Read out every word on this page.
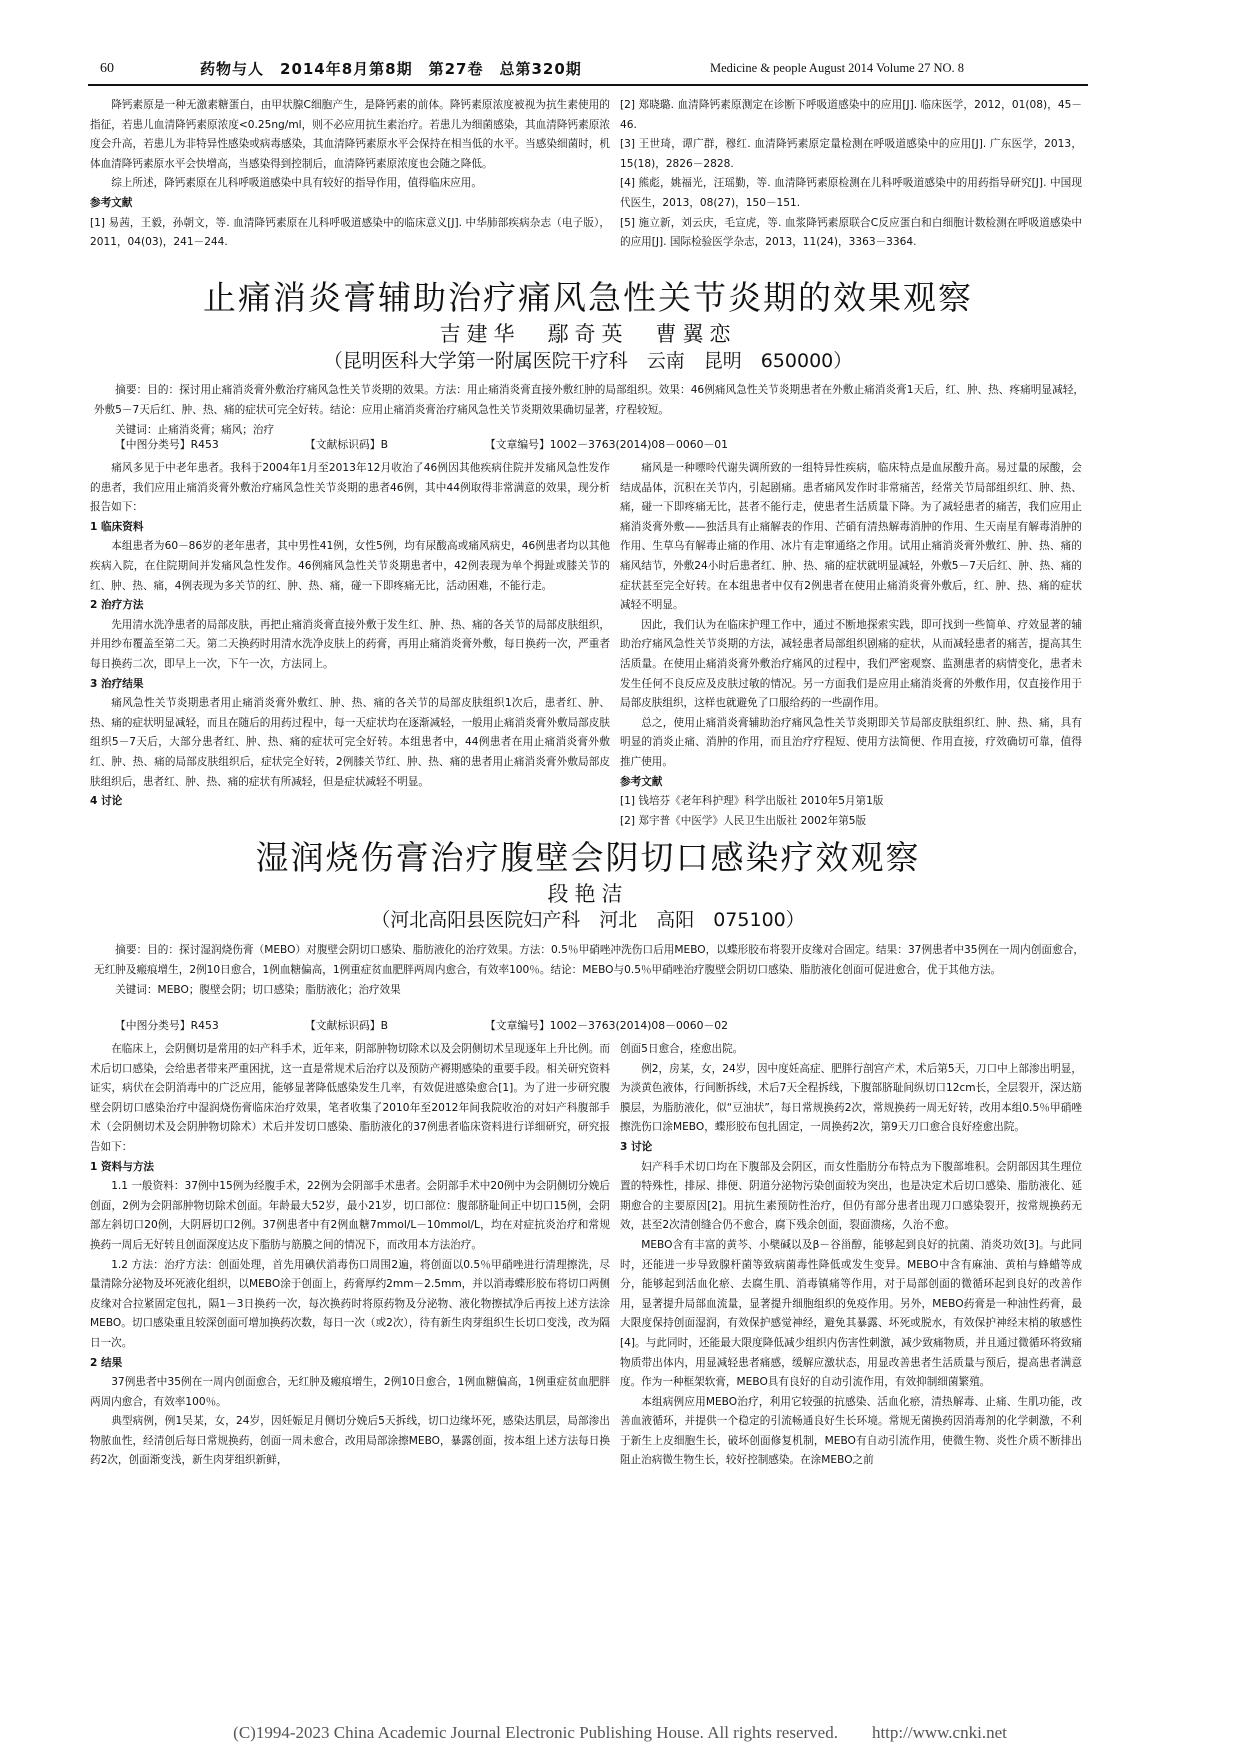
60	药物与人　2014年8月第8期　第27卷　总第320期	Medicine & people August 2014 Volume 27 NO. 8

降钙素原是一种无激素糖蛋白，由甲状腺C细胞产生，是降钙素的前体。降钙素原浓度被视为抗生素使用的指征，若患儿血清降钙素原浓度<0.25ng/ml，则不必应用抗生素治疗。若患儿为细菌感染，其血清降钙素原浓度会升高，若患儿为非特异性感染或病毒感染，其血清降钙素原水平会保持在相当低的水平。当感染细菌时，机体血清降钙素原水平会快增高，当感染得到控制后，血清降钙素原浓度也会随之降低。

综上所述，降钙素原在儿科呼吸道感染中具有较好的指导作用，值得临床应用。

参考文献

[1] 易茜，王毅，孙朝文，等. 血清降钙素原在儿科呼吸道感染中的临床意义[J]. 中华肺部疾病杂志（电子版），2011，04(03)，241－244.

[2] 郑晓璐. 血清降钙素原测定在诊断下呼吸道感染中的应用[J]. 临床医学，2012，01(08)，45－46.

[3] 王世琦，谭广群，穆红. 血清降钙素原定量检测在呼吸道感染中的应用[J]. 广东医学，2013，15(18)，2826－2828.

[4] 熊彪，姚福光，汪瑶勤，等. 血清降钙素原检测在儿科呼吸道感染中的用药指导研究[J]. 中国现代医生，2013，08(27)，150－151.

[5] 施立新，刘云庆，毛宣虎，等. 血浆降钙素原联合C反应蛋白和白细胞计数检测在呼吸道感染中的应用[J]. 国际检验医学杂志，2013，11(24)，3363－3364.

止痛消炎膏辅助治疗痛风急性关节炎期的效果观察
吉建华　鄢奇英　曹翼恋
（昆明医科大学第一附属医院干疗科　云南　昆明　650000）

摘要：目的：探讨用止痛消炎膏外敷治疗痛风急性关节炎期的效果。方法：用止痛消炎膏直接外敷红肿的局部组织。效果：46例痛风急性关节炎期患者在外敷止痛消炎膏1天后，红、肿、热、疼痛明显减轻，外敷5－7天后红、肿、热、痛的症状可完全好转。结论：应用止痛消炎膏治疗痛风急性关节炎期效果确切显著，疗程较短。

关键词：止痛消炎膏；痛风；治疗

【中图分类号】R453	【文献标识码】B	【文章编号】1002－3763(2014)08－0060－01

痛风多见于中老年患者。我科于2004年1月至2013年12月收治了46例因其他疾病住院并发痛风急性发作的患者，我们应用止痛消炎膏外敷治疗痛风急性关节炎期的患者46例，其中44例取得非常满意的效果，现分析报告如下：

1 临床资料

本组患者为60－86岁的老年患者，其中男性41例，女性5例，均有尿酸高或痛风病史，46例患者均以其他疾病入院，在住院期间并发痛风急性发作。46例痛风急性关节炎期患者中，42例表现为单个拇趾或膝关节的红、肿、热、痛，4例表现为多关节的红、肿、热、痛，碰一下即疼痛无比，活动困难，不能行走。

2 治疗方法

先用清水洗净患者的局部皮肤，再把止痛消炎膏直接外敷于发生红、肿、热、痛的各关节的局部皮肤组织，并用纱布覆盖至第二天。第二天换药时用清水洗净皮肤上的药膏，再用止痛消炎膏外敷，每日换药一次，严重者每日换药二次，即早上一次，下午一次，方法同上。

3 治疗结果

痛风急性关节炎期患者用止痛消炎膏外敷红、肿、热、痛的各关节的局部皮肤组织1次后，患者红、肿、热、痛的症状明显减轻，而且在随后的用药过程中，每一天症状均在逐渐减轻，一般用止痛消炎膏外敷局部皮肤组织5－7天后，大部分患者红、肿、热、痛的症状可完全好转。本组患者中，44例患者在用止痛消炎膏外敷红、肿、热、痛的局部皮肤组织后，症状完全好转，2例膝关节红、肿、热、痛的患者用止痛消炎膏外敷局部皮肤组织后，患者红、肿、热、痛的症状有所减轻，但是症状减轻不明显。

4 讨论

痛风是一种嘌呤代谢失调所致的一组特异性疾病，临床特点是血尿酸升高。易过量的尿酸，会结成晶体，沉积在关节内，引起剧痛。患者痛风发作时非常痛苦，经常关节局部组织红、肿、热、痛，碰一下即疼痛无比，甚者不能行走，使患者生活质量下降。为了减轻患者的痛苦，我们应用止痛消炎膏外敷——独活具有止痛解表的作用、芒硝有清热解毒消肿的作用、生天南星有解毒消肿的作用、生草乌有解毒止痛的作用、冰片有走窜通络之作用。试用止痛消炎膏外敷红、肿、热、痛的痛风结节，外敷24小时后患者红、肿、热、痛的症状就明显减轻，外敷5－7天后红、肿、热、痛的症状甚至完全好转。在本组患者中仅有2例患者在使用止痛消炎膏外敷后，红、肿、热、痛的症状减轻不明显。

因此，我们认为在临床护理工作中，通过不断地探索实践，即可找到一些简单、疗效显著的辅助治疗痛风急性关节炎期的方法，减轻患者局部组织剧痛的症状，从而减轻患者的痛苦，提高其生活质量。在使用止痛消炎膏外敷治疗痛风的过程中，我们严密观察、监测患者的病情变化，患者未发生任何不良反应及皮肤过敏的情况。另一方面我们是应用止痛消炎膏的外敷作用，仅直接作用于局部皮肤组织，这样也就避免了口服给药的一些副作用。

总之，使用止痛消炎膏辅助治疗痛风急性关节炎期即关节局部皮肤组织红、肿、热、痛，具有明显的消炎止痛、消肿的作用，而且治疗疗程短、使用方法简便、作用直接，疗效确切可靠，值得推广使用。

参考文献

[1] 钱培芬《老年科护理》科学出版社 2010年5月第1版

[2] 郑宇普《中医学》人民卫生出版社 2002年第5版

湿润烧伤膏治疗腹壁会阴切口感染疗效观察
段艳洁
（河北高阳县医院妇产科　河北　高阳　075100）

摘要：目的：探讨湿润烧伤膏（MEBO）对腹壁会阴切口感染、脂肪液化的治疗效果。方法：0.5％甲硝唑冲洗伤口后用MEBO，以蝶形胶布将裂开皮缘对合固定。结果：37例患者中35例在一周内创面愈合，无红肿及瘢痕增生，2例10日愈合，1例血糖偏高，1例重症贫血肥胖两周内愈合，有效率100％。结论：MEBO与0.5％甲硝唑治疗腹壁会阴切口感染、脂肪液化创面可促进愈合，优于其他方法。

关键词：MEBO；腹壁会阴；切口感染；脂肪液化；治疗效果

【中图分类号】R453	【文献标识码】B	【文章编号】1002－3763(2014)08－0060－02

在临床上，会阴侧切是常用的妇产科手术，近年来，阴部肿物切除术以及会阴侧切术呈现逐年上升比例。而术后切口感染，会给患者带来严重困扰，这一直是常规术后治疗以及预防产褥期感染的重要手段。相关研究资料证实，病伏在会阴消毒中的广泛应用，能够显著降低感染发生几率，有效促进感染愈合[1]。为了进一步研究腹壁会阴切口感染治疗中湿润烧伤膏临床治疗效果，笔者收集了2010年至2012年间我院收治的对妇产科腹部手术（会阴侧切术及会阴肿物切除术）术后并发切口感染、脂肪液化的37例患者临床资料进行详细研究，研究报告如下：

1 资料与方法

1.1 一般资料：37例中15例为经腹手术，22例为会阴部手术患者。会阴部手术中20例中为会阴侧切分娩后创面，2例为会阴部肿物切除术创面。年龄最大52岁，最小21岁，切口部位：腹部脐耻间正中切口15例，会阴部左斜切口20例，大阴唇切口2例。37例患者中有2例血糖7mmol/L－10mmol/L，均在对症抗炎治疗和常规换药一周后无好转且创面深度达皮下脂肪与筋膜之间的情况下，而改用本方法治疗。

1.2 方法：治疗方法：创面处理，首先用碘伏消毒伤口周围2遍，将创面以0.5％甲硝唑进行清理擦洗，尽量清除分泌物及坏死液化组织，以MEBO涂于创面上，药膏厚约2mm－2.5mm，并以消毒蝶形胶布将切口两侧皮缘对合拉紧固定包扎，隔1－3日换药一次，每次换药时将原药物及分泌物、液化物擦拭净后再按上述方法涂MEBO。切口感染重且较深创面可增加换药次数，每日一次（或2次），待有新生肉芽组织生长切口变浅，改为隔日一次。

2 结果

37例患者中35例在一周内创面愈合，无红肿及瘢痕增生，2例10日愈合，1例血糖偏高，1例重症贫血肥胖两周内愈合，有效率100％。

典型病例，例1吴某，女，24岁，因妊娠足月侧切分娩后5天拆线，切口边缘坏死，感染达肌层，局部渗出物脓血性，经清创后每日常规换药，创面一周未愈合，改用局部涂擦MEBO，暴露创面，按本组上述方法每日换药2次，创面渐变浅，新生肉芽组织新鲜，

创面5日愈合，痊愈出院。

例2，房某，女，24岁，因中度妊高症、肥胖行剖宫产术，术后第5天，刀口中上部渗出明显，为淡黄色液体，行间断拆线，术后7天全程拆线，下腹部脐耻间纵切口12cm长，全层裂开，深达筋膜层，为脂肪液化，似“豆油状”，每日常规换药2次，常规换药一周无好转，改用本组0.5％甲硝唑擦洗伤口涂MEBO，蝶形胶布包扎固定，一周换药2次，第9天刀口愈合良好痊愈出院。

3 讨论

妇产科手术切口均在下腹部及会阴区，而女性脂肪分布特点为下腹部堆积。会阴部因其生理位置的特殊性，排尿、排便、阴道分泌物污染创面较为突出，也是决定术后切口感染、脂肪液化、延期愈合的主要原因[2]。用抗生素预防性治疗，但仍有部分患者出现刀口感染裂开，按常规换药无效，甚至2次清创缝合仍不愈合，腐下残余创面，裂面溃疡，久治不愈。

MEBO含有丰富的黄芩、小檗碱以及β－谷甾醇，能够起到良好的抗菌、消炎功效[3]。与此同时，还能进一步导致腺杆菌等致病菌毒性降低或发生变异。MEBO中含有麻油、黄柏与蜂蜡等成分，能够起到活血化瘀、去腐生肌、消毒镇痛等作用，对于局部创面的微循环起到良好的改善作用，显著提升局部血流量，显著提升细胞组织的免疫作用。另外，MEBO药膏是一种油性药膏，最大限度保持创面湿润，有效保护感觉神经，避免其暴露、坏死或脱水，有效保护神经末梢的敏感性[4]。与此同时，还能最大限度降低减少组织内伤害性刺激，减少致痛物质，并且通过微循环将致痛物质带出体内，用显减轻患者痛感，缓解应激状态，用显改善患者生活质量与预后，提高患者满意度。作为一种框架软膏，MEBO具有良好的自动引流作用，有效抑制细菌繁殖。

本组病例应用MEBO治疗，利用它较强的抗感染、活血化瘀，清热解毒、止痛、生肌功能，改善血液循环，并提供一个稳定的引流畅通良好生长环境。常规无菌换药因消毒剂的化学刺激，不利于新生上皮细胞生长，破坏创面修复机制，MEBO有自动引流作用，使微生物、炎性介质不断排出阻止治病微生物生长，较好控制感染。在涂MEBO之前

(C)1994-2023 China Academic Journal Electronic Publishing House. All rights reserved.　　http://www.cnki.net
